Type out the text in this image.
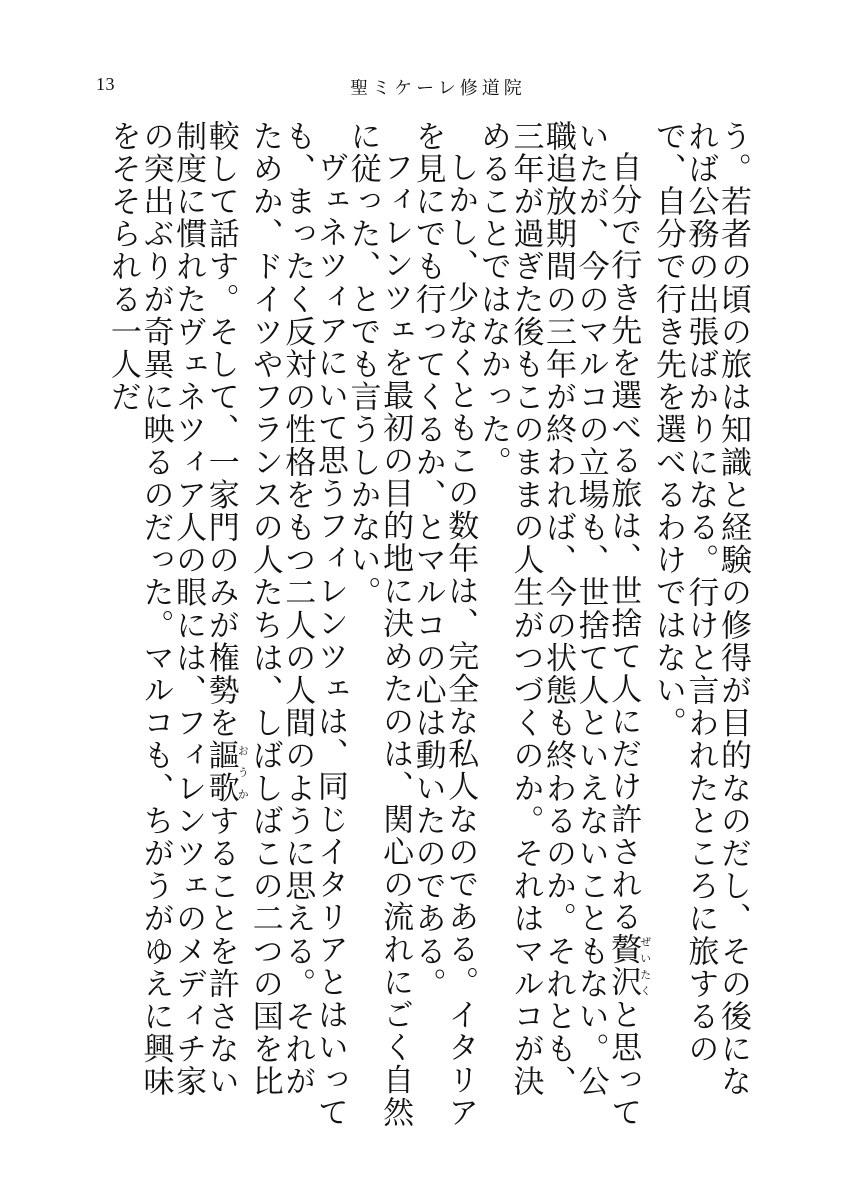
13	聖ミケーレ修道院

う。若者の頃の旅は知識と経験の修得が目的なのだし、その後になれば公務の出張ばかりになる。行けと言われたところに旅するので、自分で行き先を選べるわけではない。

自分で行き先を選べる旅は、世捨て人にだけ許される贅沢ぜいたくと思っていたが、今のマルコの立場も、世捨て人といえないこともない。公職追放期間の三年が終われば、今の状態も終わるのか。それとも、三年が過ぎた後もこのままの人生がつづくのか。それはマルコが決めることではなかった。

しかし、少なくともこの数年は、完全な私人なのである。イタリアを見にでも行ってくるか、とマルコの心は動いたのである。

フィレンツェを最初の目的地に決めたのは、関心の流れにごく自然に従った、とでも言うしかない。

ヴェネツィアにいて思うフィレンツェは、同じイタリアとはいっても、まったく反対の性格をもつ二人の人間のように思える。それがためか、ドイツやフランスの人たちは、しばしばこの二つの国を比較して話す。そして、一家門のみが権勢を謳歌おうかすることを許さない制度に慣れたヴェネツィア人の眼には、フィレンツェのメディチ家の突出ぶりが奇異に映るのだった。マルコも、ちがうがゆえに興味をそそられる一人だ
